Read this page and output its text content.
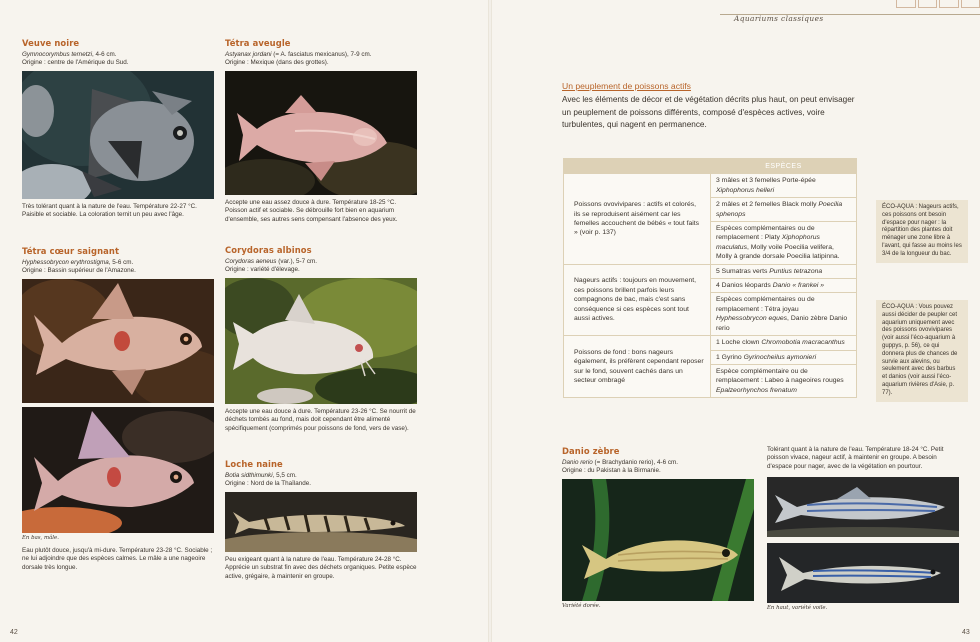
Aquariums classiques
Veuve noire
Gymnocorymbus ternetzi, 4-6 cm.
Origine : centre de l'Amérique du Sud.
Très tolérant quant à la nature de l'eau. Température 22-27 °C. Paisible et sociable. La coloration ternit un peu avec l'âge.
Tétra aveugle
Astyanax jordani (= A. fasciatus mexicanus), 7-9 cm.
Origine : Mexique (dans des grottes).
Accepte une eau assez douce à dure. Température 18-25 °C. Poisson actif et sociable. Se débrouille fort bien en aquarium d'ensemble, ses autres sens compensant l'absence des yeux.
Tétra cœur saignant
Hyphessobrycon erythrostigma, 5-6 cm.
Origine : Bassin supérieur de l'Amazone.
En bas, mâle.
Eau plutôt douce, jusqu'à mi-dure. Température 23-28 °C. Sociable ; ne lui adjoindre que des espèces calmes. Le mâle a une nageoire dorsale très longue.
Corydoras albinos
Corydoras aeneus (var.), 5-7 cm.
Origine : variété d'élevage.
Accepte une eau douce à dure. Température 23-26 °C. Se nourrit de déchets tombés au fond, mais doit cependant être alimenté spécifiquement (comprimés pour poissons de fond, vers de vase).
Loche naine
Botia sidthimunki, 5,5 cm.
Origine : Nord de la Thaïlande.
Peu exigeant quant à la nature de l'eau. Température 24-28 °C. Apprécie un substrat fin avec des déchets organiques. Petite espèce active, grégaire, à maintenir en groupe.
42
Un peuplement de poissons actifs
Avec les éléments de décor et de végétation décrits plus haut, on peut envisager un peuplement de poissons différents, composé d'espèces actives, voire turbulentes, qui nagent en permanence.
	ESPÈCES
Poissons ovovivipares : actifs et colorés, ils se reproduisent aisément car les femelles accouchent de bébés « tout faits » (voir p. 137)	3 mâles et 3 femelles Porte-épée Xiphophorus helleri
	2 mâles et 2 femelles Black molly Poecilia sphenops
	Espèces complémentaires ou de remplacement : Platy Xiphophorus maculatus, Molly voile Poecilia velifera, Molly à grande dorsale Poecilia latipinna.
Nageurs actifs : toujours en mouvement, ces poissons brillent parfois leurs compagnons de bac, mais c'est sans conséquence si ces espèces sont tout aussi actives.	5 Sumatras verts Puntius tetrazona
	4 Danios léopards Danio « frankei »
	Espèces complémentaires ou de remplacement : Tétra joyau Hyphessobrycon eques, Danio zèbre Danio rerio
Poissons de fond : bons nageurs également, ils préfèrent cependant reposer sur le fond, souvent cachés dans un secteur ombragé	1 Loche clown Chromobotia macracanthus
	1 Gyrino Gyrinocheilus aymonieri
	Espèce complémentaire ou de remplacement : Labeo à nageoires rouges Epalzeorhynchos frenatum
ÉCO-AQUA : Nageurs actifs, ces poissons ont besoin d'espace pour nager : la répartition des plantes doit ménager une zone libre à l'avant, qui fasse au moins les 3/4 de la longueur du bac.
ÉCO-AQUA : Vous pouvez aussi décider de peupler cet aquarium uniquement avec des poissons ovovivipares (voir aussi l'éco-aquarium à guppys, p. 56), ce qui donnera plus de chances de survie aux alevins, ou seulement avec des barbus et danios (voir aussi l'éco-aquarium rivières d'Asie, p. 77).
Danio zèbre
Danio rerio (= Brachydanio rerio), 4-6 cm.
Origine : du Pakistan à la Birmanie.
Variété dorée.
Tolérant quant à la nature de l'eau. Température 18-24 °C. Petit poisson vivace, nageur actif, à maintenir en groupe. A besoin d'espace pour nager, avec de la végétation en pourtour.
En haut, variété voile.
43
